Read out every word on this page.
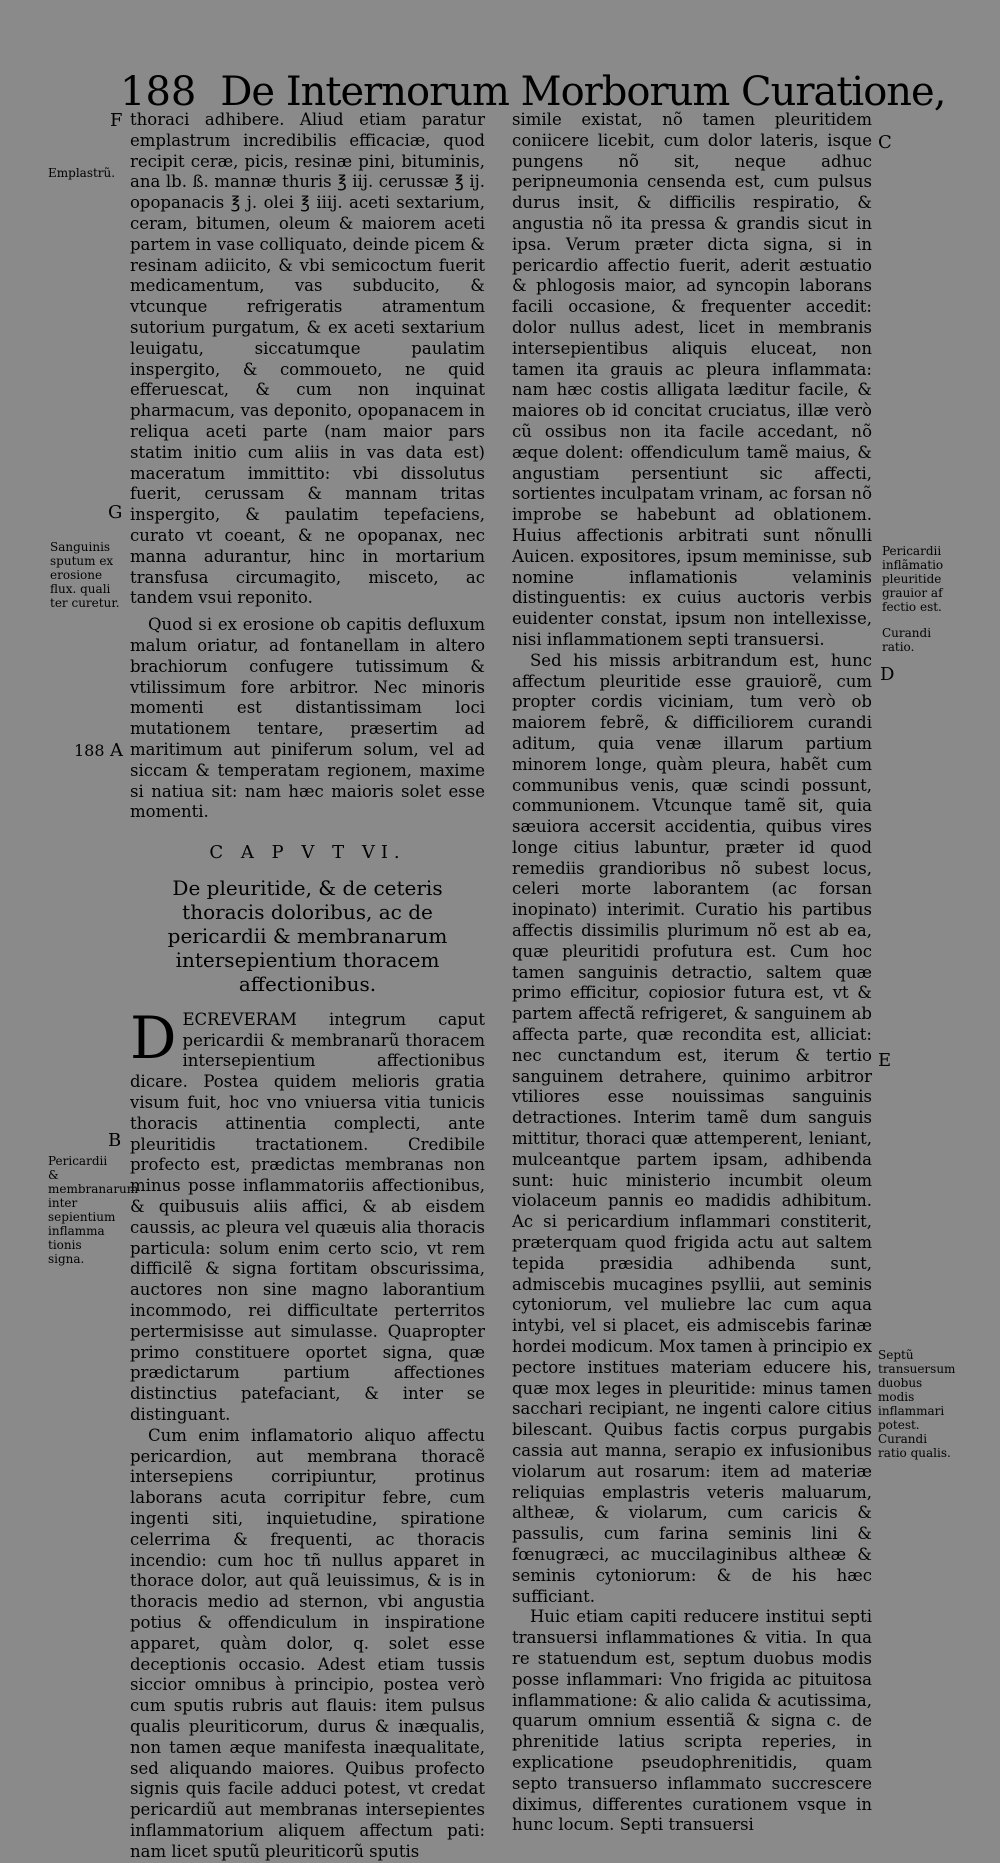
188 De Internorum Morborum Curatione,
F
G
A
B
C
D
E
Emplastrũ.
Sanguinis sputum ex erosione flux. quali ter curetur.
188
Pericardii & membranarum inter sepientium inflamma tionis signa.
Pericardii inflãmatio pleuritide grauior af fectio est.
Curandi ratio.
Septũ transuersum duobus modis inflammari potest.
Curandi ratio qualis.

thoraci adhibere. Aliud etiam paratur emplastrum incredibilis efficaciæ, quod recipit ceræ, picis, resinæ pini, bituminis, ana lb. ß. mannæ thuris ℥ iij. cerussæ ℥ ij. opopanacis ℥ j. olei ℥ iiij. aceti sextarium, ceram, bitumen, oleum & maiorem aceti partem in vase colliquato, deinde picem & resinam adiicito, & vbi semicoctum fuerit medicamentum, vas subducito, & vtcunque refrigeratis atramentum sutorium purgatum, & ex aceti sextarium leuigatu, siccatumque paulatim inspergito, & commoueto, ne quid efferuescat, & cum non inquinat pharmacum, vas deponito, opopanacem in reliqua aceti parte (nam maior pars statim initio cum aliis in vas data est) maceratum immittito: vbi dissolutus fuerit, cerussam & mannam tritas inspergito, & paulatim tepefaciens, curato vt coeant, & ne opopanax, nec manna adurantur, hinc in mortarium transfusa circumagito, misceto, ac tandem vsui reponito.

Quod si ex erosione ob capitis defluxum malum oriatur, ad fontanellam in altero brachiorum confugere tutissimum & vtilissimum fore arbitror. Nec minoris momenti est distantissimam loci mutationem tentare, præsertim ad maritimum aut piniferum solum, vel ad siccam & temperatam regionem, maxime si natiua sit: nam hæc maioris solet esse momenti.

C A P V T VI.
De pleuritide, & de ceteris thoracis doloribus, ac de pericardii & membranarum intersepientium thoracem affectionibus.

DECREVERAM integrum caput pericardii & membranarũ thoracem intersepientium affectionibus dicare. Postea quidem melioris gratia visum fuit, hoc vno vniuersa vitia tunicis thoracis attinentia complecti, ante pleuritidis tractationem. Credibile profecto est, prædictas membranas non minus posse inflammatoriis affectionibus, & quibusuis aliis affici, & ab eisdem caussis, ac pleura vel quæuis alia thoracis particula: solum enim certo scio, vt rem difficilẽ & signa fortitam obscurissima, auctores non sine magno laborantium incommodo, rei difficultate perterritos pertermisisse aut simulasse. Quapropter primo constituere oportet signa, quæ prædictarum partium affectiones distinctius patefaciant, & inter se distinguant.

Cum enim inflamatorio aliquo affectu pericardion, aut membrana thoracẽ intersepiens corripiuntur, protinus laborans acuta corripitur febre, cum ingenti siti, inquietudine, spiratione celerrima & frequenti, ac thoracis incendio: cum hoc tñ nullus apparet in thorace dolor, aut quã leuissimus, & is in thoracis medio ad sternon, vbi angustia potius & offendiculum in inspiratione apparet, quàm dolor, q. solet esse deceptionis occasio. Adest etiam tussis siccior omnibus à principio, postea verò cum sputis rubris aut flauis: item pulsus qualis pleuriticorum, durus & inæqualis, non tamen æque manifesta inæqualitate, sed aliquando maiores. Quibus profecto signis quis facile adduci potest, vt credat pericardiũ aut membranas intersepientes inflammatorium aliquem affectum pati: nam licet sputũ pleuriticorũ sputis

simile existat, nõ tamen pleuritidem coniicere licebit, cum dolor lateris, isque pungens nõ sit, neque adhuc peripneumonia censenda est, cum pulsus durus insit, & difficilis respiratio, & angustia nõ ita pressa & grandis sicut in ipsa. Verum præter dicta signa, si in pericardio affectio fuerit, aderit æstuatio & phlogosis maior, ad syncopin laborans facili occasione, & frequenter accedit: dolor nullus adest, licet in membranis intersepientibus aliquis eluceat, non tamen ita grauis ac pleura inflammata: nam hæc costis alligata læditur facile, & maiores ob id concitat cruciatus, illæ verò cũ ossibus non ita facile accedant, nõ æque dolent: offendiculum tamẽ maius, & angustiam persentiunt sic affecti, sortientes inculpatam vrinam, ac forsan nõ improbe se habebunt ad oblationem. Huius affectionis arbitrati sunt nõnulli Auicen. expositores, ipsum meminisse, sub nomine inflamationis velaminis distinguentis: ex cuius auctoris verbis euidenter constat, ipsum non intellexisse, nisi inflammationem septi transuersi.

Sed his missis arbitrandum est, hunc affectum pleuritide esse grauiorẽ, cum propter cordis viciniam, tum verò ob maiorem febrẽ, & difficiliorem curandi aditum, quia venæ illarum partium minorem longe, quàm pleura, habẽt cum communibus venis, quæ scindi possunt, communionem. Vtcunque tamẽ sit, quia sæuiora accersit accidentia, quibus vires longe citius labuntur, præter id quod remediis grandioribus nõ subest locus, celeri morte laborantem (ac forsan inopinato) interimit. Curatio his partibus affectis dissimilis plurimum nõ est ab ea, quæ pleuritidi profutura est. Cum hoc tamen sanguinis detractio, saltem quæ primo efficitur, copiosior futura est, vt & partem affectã refrigeret, & sanguinem ab affecta parte, quæ recondita est, alliciat: nec cunctandum est, iterum & tertio sanguinem detrahere, quinimo arbitror vtiliores esse nouissimas sanguinis detractiones. Interim tamẽ dum sanguis mittitur, thoraci quæ attemperent, leniant, mulceantque partem ipsam, adhibenda sunt: huic ministerio incumbit oleum violaceum pannis eo madidis adhibitum. Ac si pericardium inflammari constiterit, præterquam quod frigida actu aut saltem tepida præsidia adhibenda sunt, admiscebis mucagines psyllii, aut seminis cytoniorum, vel muliebre lac cum aqua intybi, vel si placet, eis admiscebis farinæ hordei modicum. Mox tamen à principio ex pectore institues materiam educere his, quæ mox leges in pleuritide: minus tamen sacchari recipiant, ne ingenti calore citius bilescant. Quibus factis corpus purgabis cassia aut manna, serapio ex infusionibus violarum aut rosarum: item ad materiæ reliquias emplastris veteris maluarum, altheæ, & violarum, cum caricis & passulis, cum farina seminis lini & fœnugræci, ac muccilaginibus altheæ & seminis cytoniorum: & de his hæc sufficiant.

Huic etiam capiti reducere institui septi transuersi inflammationes & vitia. In qua re statuendum est, septum duobus modis posse inflammari: Vno frigida ac pituitosa inflammatione: & alio calida & acutissima, quarum omnium essentiã & signa c. de phrenitide latius scripta reperies, in explicatione pseudophrenitidis, quam septo transuerso inflammato succrescere diximus, differentes curationem vsque in hunc locum. Septi transuersi
